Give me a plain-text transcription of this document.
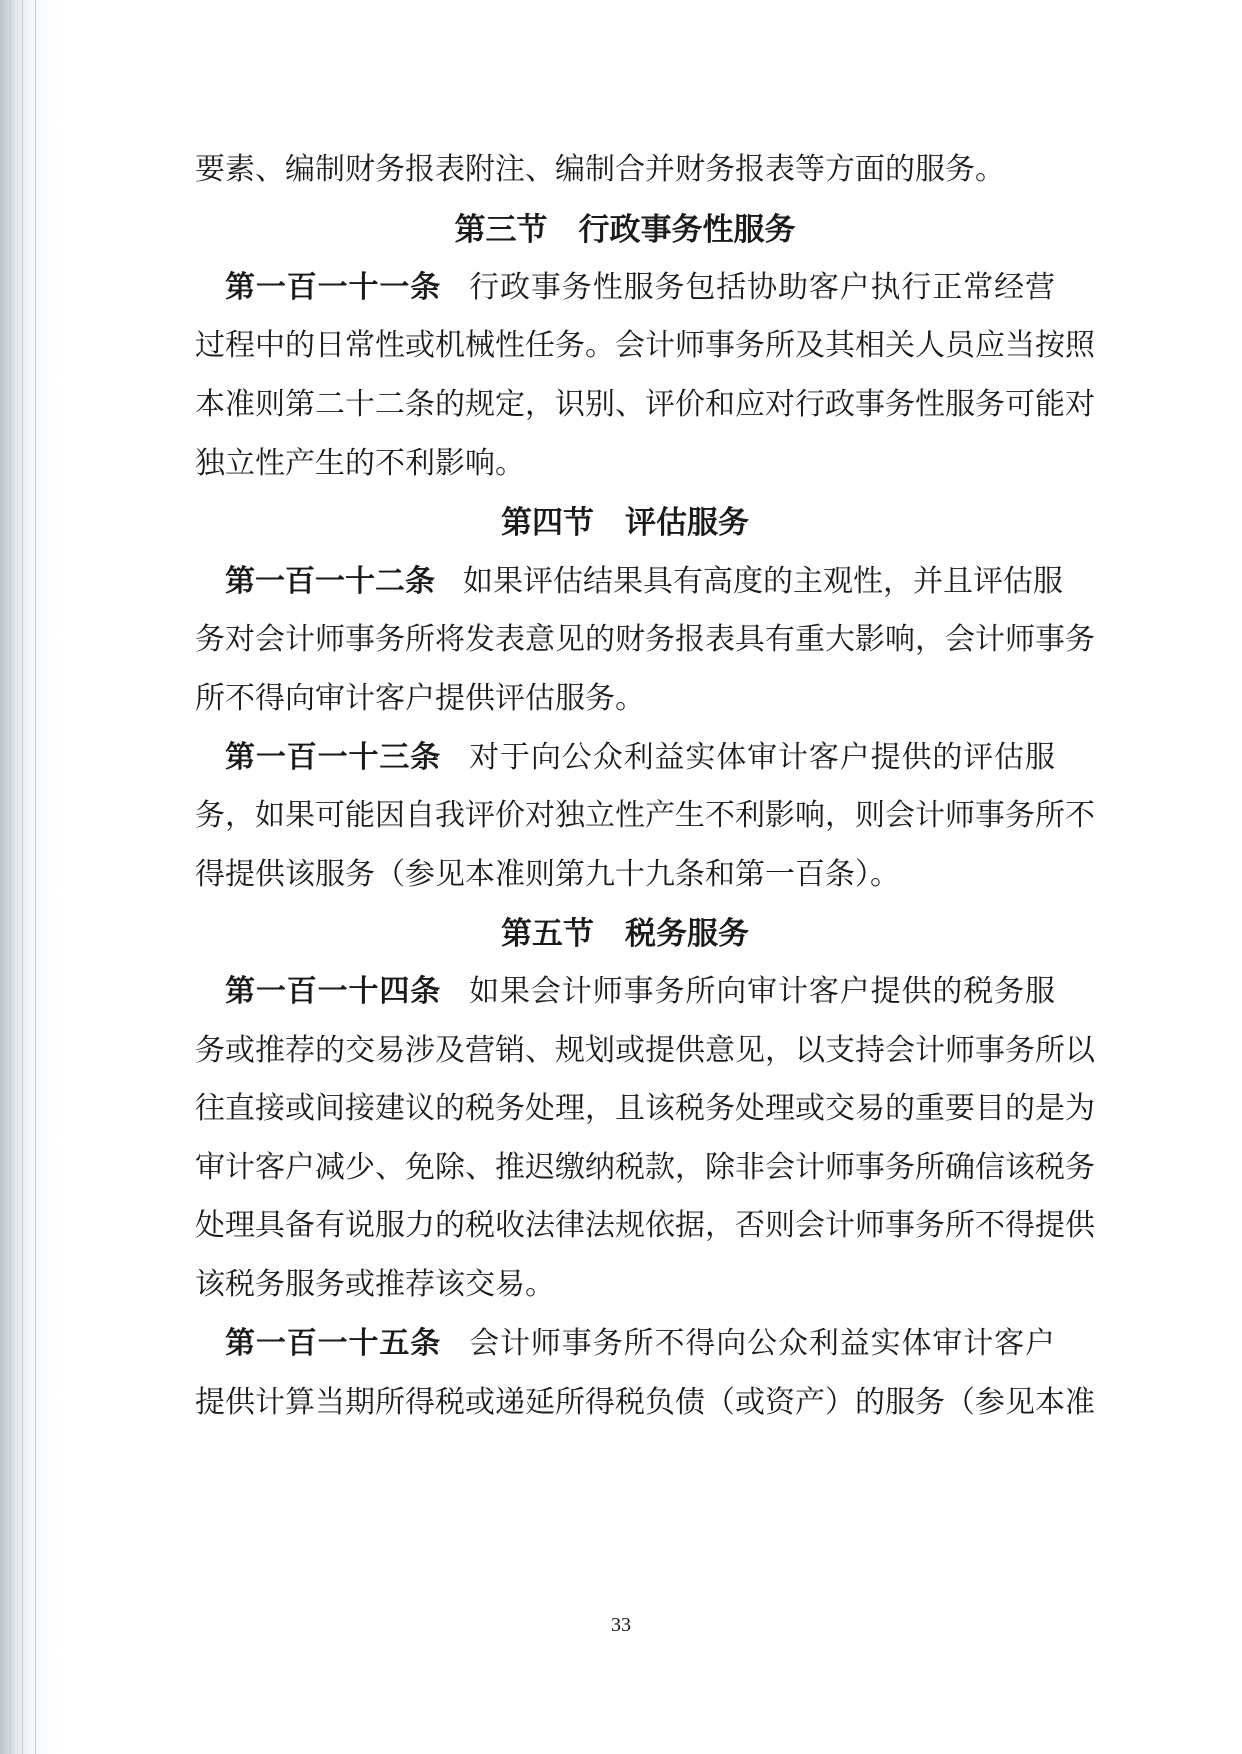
要素、编制财务报表附注、编制合并财务报表等方面的服务。
第三节　行政事务性服务
第一百一十一条 行政事务性服务包括协助客户执行正常经营
过程中的日常性或机械性任务。会计师事务所及其相关人员应当按照
本准则第二十二条的规定，识别、评价和应对行政事务性服务可能对
独立性产生的不利影响。
第四节　评估服务
第一百一十二条 如果评估结果具有高度的主观性，并且评估服
务对会计师事务所将发表意见的财务报表具有重大影响，会计师事务
所不得向审计客户提供评估服务。
第一百一十三条 对于向公众利益实体审计客户提供的评估服
务，如果可能因自我评价对独立性产生不利影响，则会计师事务所不
得提供该服务（参见本准则第九十九条和第一百条）。
第五节　税务服务
第一百一十四条 如果会计师事务所向审计客户提供的税务服
务或推荐的交易涉及营销、规划或提供意见，以支持会计师事务所以
往直接或间接建议的税务处理，且该税务处理或交易的重要目的是为
审计客户减少、免除、推迟缴纳税款，除非会计师事务所确信该税务
处理具备有说服力的税收法律法规依据，否则会计师事务所不得提供
该税务服务或推荐该交易。
第一百一十五条 会计师事务所不得向公众利益实体审计客户
提供计算当期所得税或递延所得税负债（或资产）的服务（参见本准
33
